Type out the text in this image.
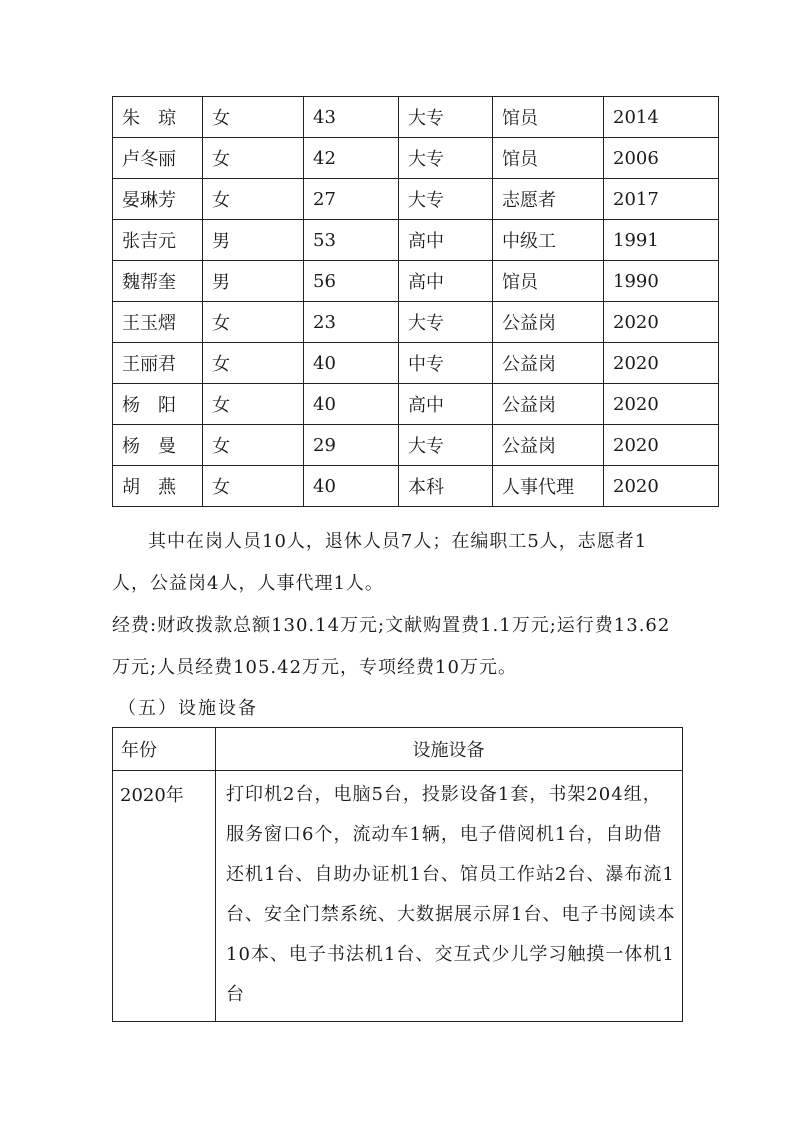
朱　琼	女	43	大专	馆员	2014
卢冬丽	女	42	大专	馆员	2006
晏琳芳	女	27	大专	志愿者	2017
张吉元	男	53	高中	中级工	1991
魏帮奎	男	56	高中	馆员	1990
王玉熠	女	23	大专	公益岗	2020
王丽君	女	40	中专	公益岗	2020
杨　阳	女	40	高中	公益岗	2020
杨　曼	女	29	大专	公益岗	2020
胡　燕	女	40	本科	人事代理	2020

其中在岗人员10人，退休人员7人；在编职工5人，志愿者1人，公益岗4人，人事代理1人。

经费:财政拨款总额130.14万元;文献购置费1.1万元;运行费13.62万元;人员经费105.42万元，专项经费10万元。

（五）设施设备
年份	设施设备
2020年	打印机2台，电脑5台，投影设备1套，书架204组，服务窗口6个，流动车1辆，电子借阅机1台，自助借还机1台、自助办证机1台、馆员工作站2台、瀑布流1台、安全门禁系统、大数据展示屏1台、电子书阅读本10本、电子书法机1台、交互式少儿学习触摸一体机1台
